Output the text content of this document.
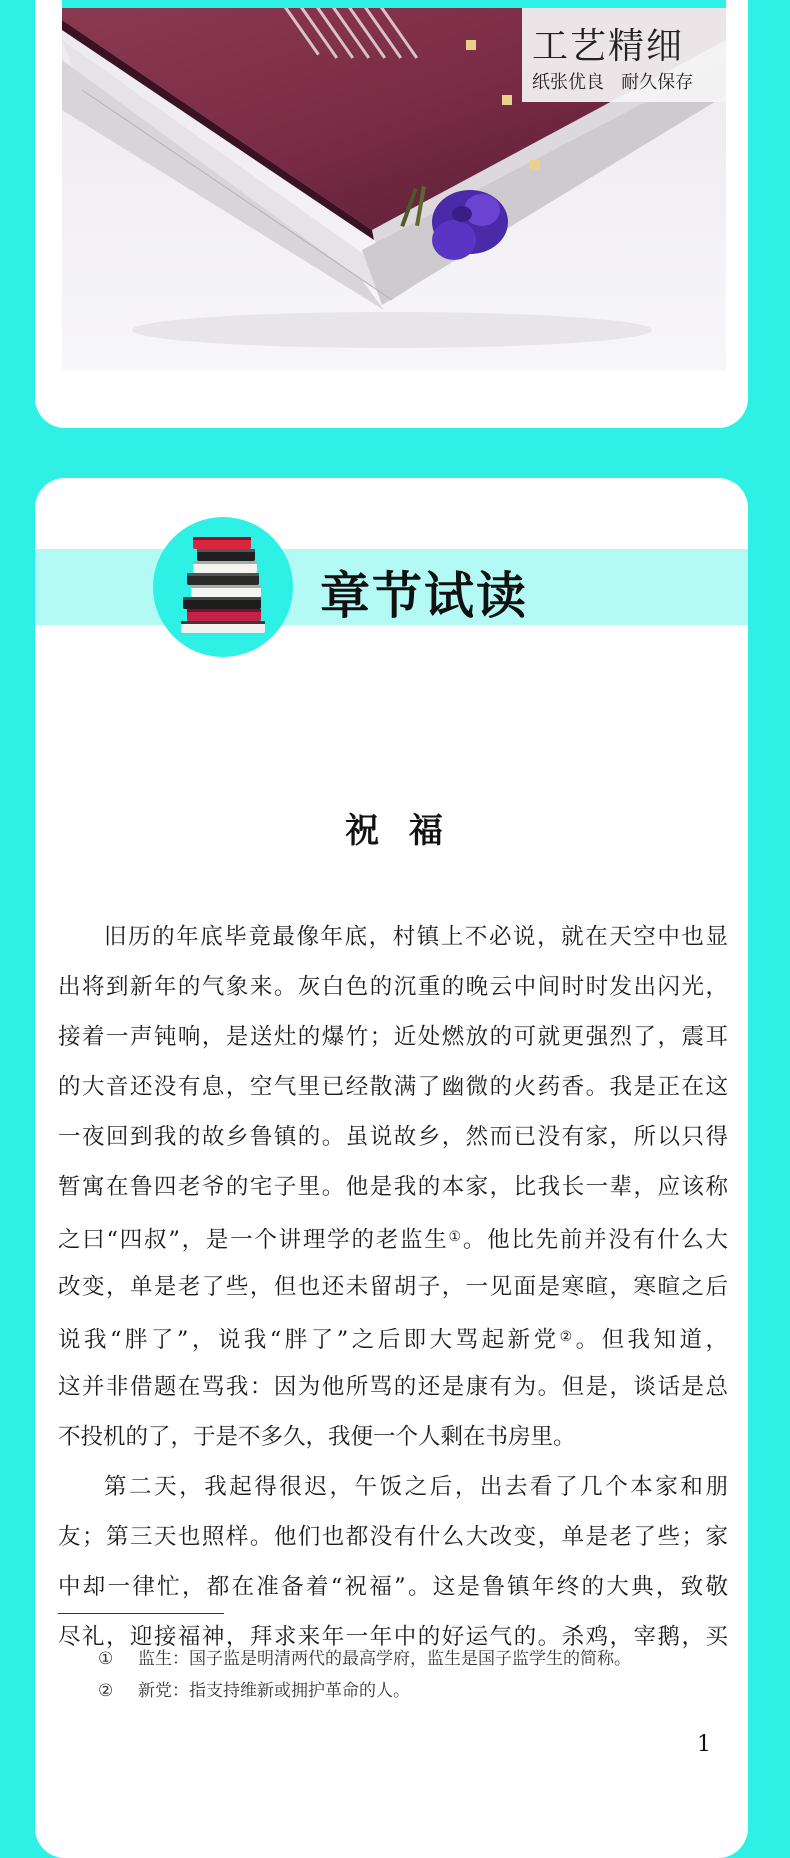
工艺精细
纸张优良   耐久保存
章节试读
祝  福
旧历的年底毕竟最像年底，村镇上不必说，就在天空中也显
出将到新年的气象来。灰白色的沉重的晚云中间时时发出闪光，
接着一声钝响，是送灶的爆竹；近处燃放的可就更强烈了，震耳
的大音还没有息，空气里已经散满了幽微的火药香。我是正在这
一夜回到我的故乡鲁镇的。虽说故乡，然而已没有家，所以只得
暂寓在鲁四老爷的宅子里。他是我的本家，比我长一辈，应该称
之曰“四叔”，是一个讲理学的老监生①。他比先前并没有什么大
改变，单是老了些，但也还未留胡子，一见面是寒暄，寒暄之后
说我“胖了”，说我“胖了”之后即大骂起新党②。但我知道，
这并非借题在骂我：因为他所骂的还是康有为。但是，谈话是总
不投机的了，于是不多久，我便一个人剩在书房里。
第二天，我起得很迟，午饭之后，出去看了几个本家和朋
友；第三天也照样。他们也都没有什么大改变，单是老了些；家
中却一律忙，都在准备着“祝福”。这是鲁镇年终的大典，致敬
尽礼，迎接福神，拜求来年一年中的好运气的。杀鸡，宰鹅，买
① 监生：国子监是明清两代的最高学府，监生是国子监学生的简称。
② 新党：指支持维新或拥护革命的人。
1
